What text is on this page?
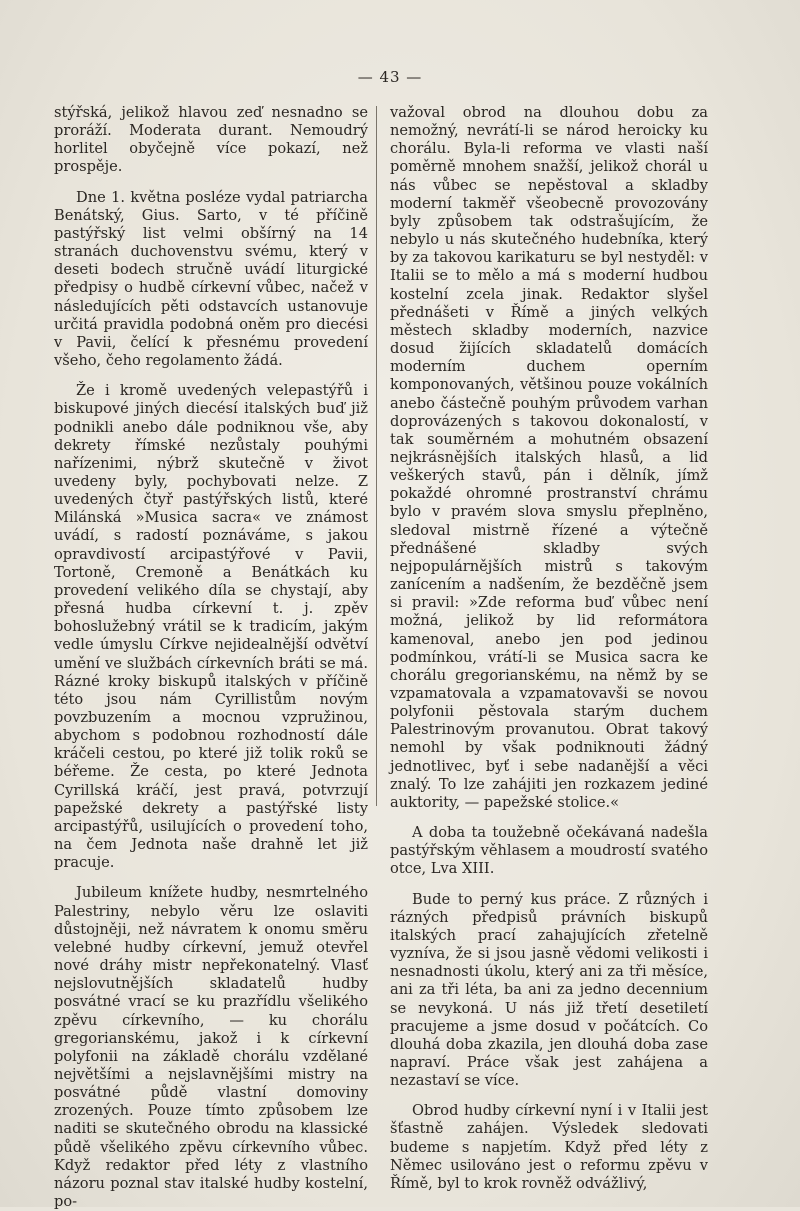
— 43 —

stýřská, jelikož hlavou zeď nesnadno se proráží. Moderata durant. Nemoudrý horlitel obyčejně více pokazí, než prospěje.

Dne 1. května posléze vydal patriarcha Benátský, Gius. Sarto, v té příčině pastýřský list velmi obšírný na 14 stranách duchovenstvu svému, který v deseti bodech stručně uvádí liturgické předpisy o hudbě církevní vůbec, načež v následujících pěti odstavcích ustanovuje určitá pravidla podobná oněm pro diecési v Pavii, čelící k přesnému provedení všeho, čeho regolamento žádá.

Že i kromě uvedených velepastýřů i biskupové jiných diecésí italských buď již podnikli anebo dále podniknou vše, aby dekrety římské nezůstaly pouhými nařízenimi, nýbrž skutečně v život uvedeny byly, pochybovati nelze. Z uvedených čtyř pastýřských listů, které Milánská »Musica sacra« ve známost uvádí, s radostí poznáváme, s jakou opravdivostí arcipastýřové v Pavii, Tortoně, Cremoně a Benátkách ku provedení velikého díla se chystají, aby přesná hudba církevní t. j. zpěv bohoslužebný vrátil se k tradicím, jakým vedle úmyslu Církve nejidealnější odvětví umění ve službách církevních bráti se má. Rázné kroky biskupů italských v příčině této jsou nám Cyrillistům novým povzbuzením a mocnou vzpružinou, abychom s podobnou rozhodností dále kráčeli cestou, po které již tolik roků se béřeme. Že cesta, po které Jednota Cyrillská kráčí, jest pravá, potvrzují papežské dekrety a pastýřské listy arcipastýřů, usilujících o provedení toho, na čem Jednota naše drahně let již pracuje.

Jubileum knížete hudby, nesmrtelného Palestriny, nebylo věru lze oslaviti důstojněji, než návratem k onomu směru velebné hudby církevní, jemuž otevřel nové dráhy mistr nepřekonatelný. Vlasť nejslovutnějších skladatelů hudby posvátné vrací se ku prazřídlu všelikého zpěvu církevního, — ku chorálu gregorianskému, jakož i k církevní polyfonii na základě chorálu vzdělané největšími a nejslavnějšími mistry na posvátné půdě vlastní domoviny zrozených. Pouze tímto způsobem lze naditi se skutečného obrodu na klassické půdě všelikého zpěvu církevního vůbec. Když redaktor před léty z vlastního názoru poznal stav italské hudby kostelní, po-

važoval obrod na dlouhou dobu za nemožný, nevrátí-li se národ heroicky ku chorálu. Byla-li reforma ve vlasti naší poměrně mnohem snažší, jelikož chorál u nás vůbec se nepěstoval a skladby moderní takměř všeobecně provozovány byly způsobem tak odstrašujícím, že nebylo u nás skutečného hudebníka, který by za takovou karikaturu se byl nestyděl: v Italii se to mělo a má s moderní hudbou kostelní zcela jinak. Redaktor slyšel přednášeti v Římě a jiných velkých městech skladby moderních, nazvice dosud žijících skladatelů domácích moderním duchem operním komponovaných, většinou pouze vokálních anebo částečně pouhým průvodem varhan doprovázených s takovou dokonalostí, v tak souměrném a mohutném obsazení nejkrásnějších italských hlasů, a lid veškerých stavů, pán i dělník, jímž pokaždé ohromné prostranství chrámu bylo v pravém slova smyslu přeplněno, sledoval mistrně řízené a výtečně přednášené skladby svých nejpopulárnějších mistrů s takovým zanícením a nadšením, že bezděčně jsem si pravil: »Zde reforma buď vůbec není možná, jelikož by lid reformátora kamenoval, anebo jen pod jedinou podmínkou, vrátí-li se Musica sacra ke chorálu gregorianskému, na němž by se vzpamatovala a vzpamatovavši se novou polyfonii pěstovala starým duchem Palestrinovým provanutou. Obrat takový nemohl by však podniknouti žádný jednotlivec, byť i sebe nadanější a věci znalý. To lze zahájiti jen rozkazem jediné auktority, — papežské stolice.«

A doba ta toužebně očekávaná nadešla pastýřským věhlasem a moudrostí svatého otce, Lva XIII.

Bude to perný kus práce. Z různých i rázných předpisů právních biskupů italských prací zahajujících zřetelně vyzníva, že si jsou jasně vědomi velikosti i nesnadnosti úkolu, který ani za tři měsíce, ani za tři léta, ba ani za jedno decennium se nevykoná. U nás již třetí desetiletí pracujeme a jsme dosud v počátcích. Co dlouhá doba zkazila, jen dlouhá doba zase napraví. Práce však jest zahájena a nezastaví se více.

Obrod hudby církevní nyní i v Italii jest šťastně zahájen. Výsledek sledovati budeme s napjetím. Když před léty z Němec usilováno jest o reformu zpěvu v Římě, byl to krok rovněž odvážlivý,
